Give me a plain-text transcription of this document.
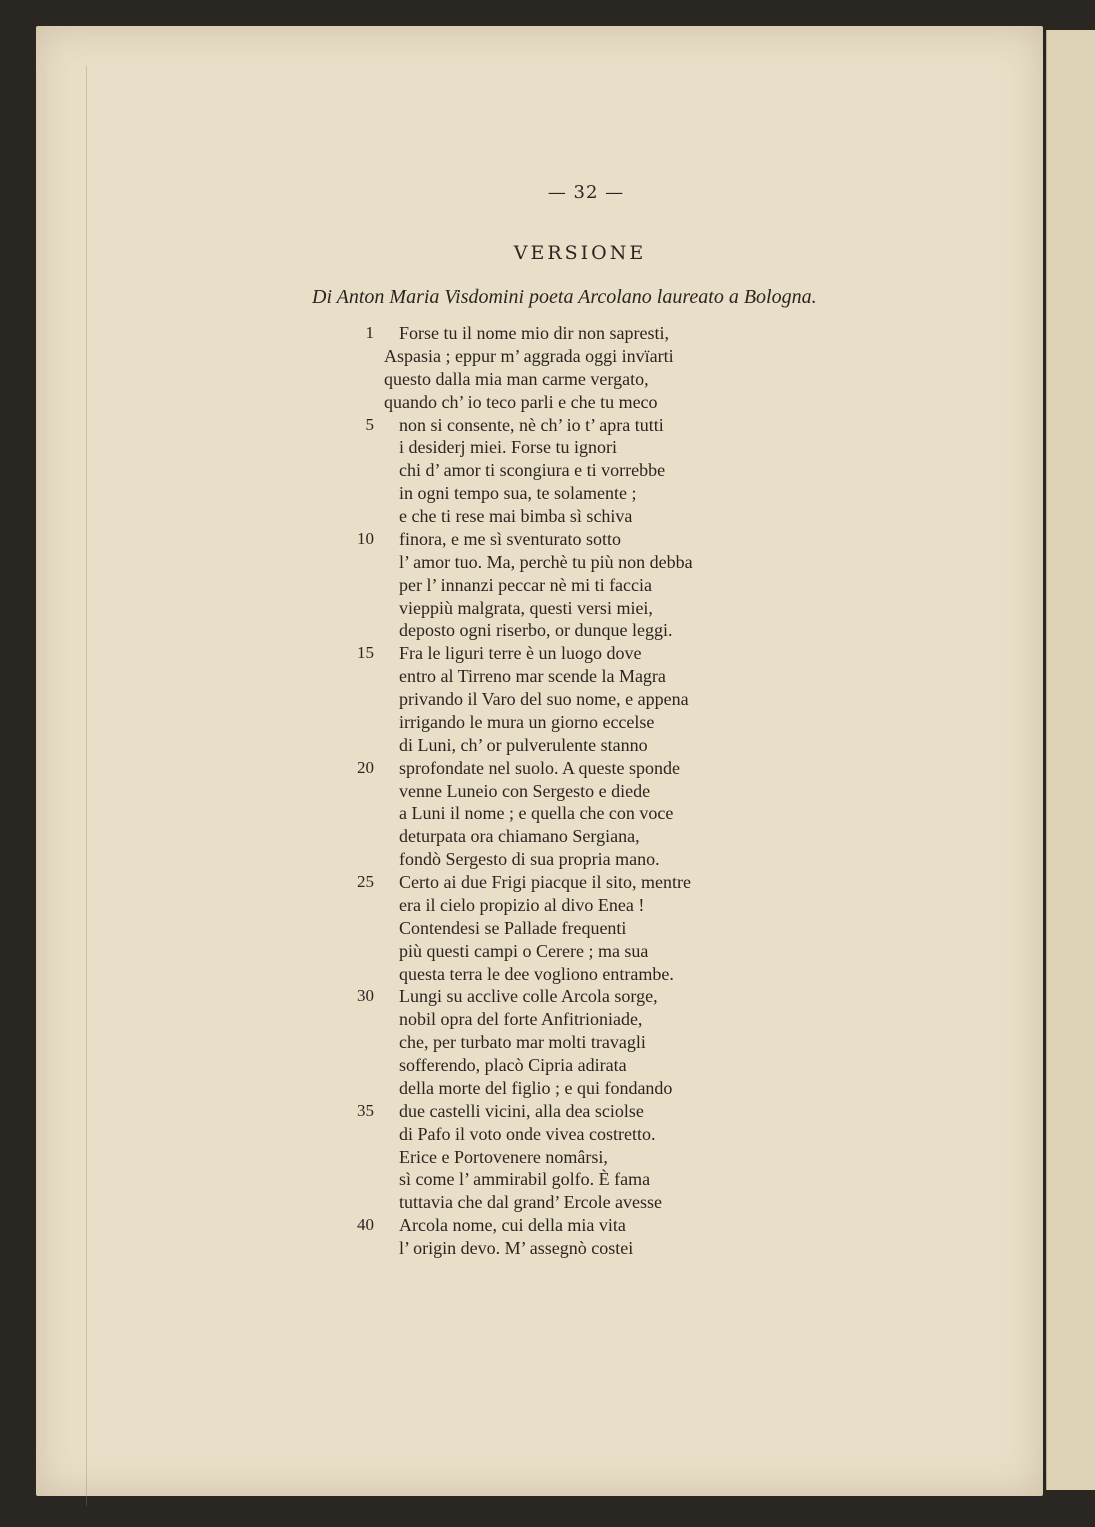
— 32 —
VERSIONE
Di Anton Maria Visdomini poeta Arcolano laureato a Bologna.
1 Forse tu il nome mio dir non sapresti,
Aspasia ; eppur m’ aggrada oggi invïarti
questo dalla mia man carme vergato,
quando ch’ io teco parli e che tu meco
5 non si consente, nè ch’ io t’ apra tutti
i desiderj miei. Forse tu ignori
chi d’ amor ti scongiura e ti vorrebbe
in ogni tempo sua, te solamente ;
e che ti rese mai bimba sì schiva
10 finora, e me sì sventurato sotto
l’ amor tuo. Ma, perchè tu più non debba
per l’ innanzi peccar nè mi ti faccia
vieppiù malgrata, questi versi miei,
deposto ogni riserbo, or dunque leggi.
15 Fra le liguri terre è un luogo dove
entro al Tirreno mar scende la Magra
privando il Varo del suo nome, e appena
irrigando le mura un giorno eccelse
di Luni, ch’ or pulverulente stanno
20 sprofondate nel suolo. A queste sponde
venne Luneio con Sergesto e diede
a Luni il nome ; e quella che con voce
deturpata ora chiamano Sergiana,
fondò Sergesto di sua propria mano.
25 Certo ai due Frigi piacque il sito, mentre
era il cielo propizio al divo Enea !
Contendesi se Pallade frequenti
più questi campi o Cerere ; ma sua
questa terra le dee vogliono entrambe.
30 Lungi su acclive colle Arcola sorge,
nobil opra del forte Anfitrioniade,
che, per turbato mar molti travagli
sofferendo, placò Cipria adirata
della morte del figlio ; e qui fondando
35 due castelli vicini, alla dea sciolse
di Pafo il voto onde vivea costretto.
Erice e Portovenere nomârsi,
sì come l’ ammirabil golfo. È fama
tuttavia che dal grand’ Ercole avesse
40 Arcola nome, cui della mia vita
l’ origin devo. M’ assegnò costei
